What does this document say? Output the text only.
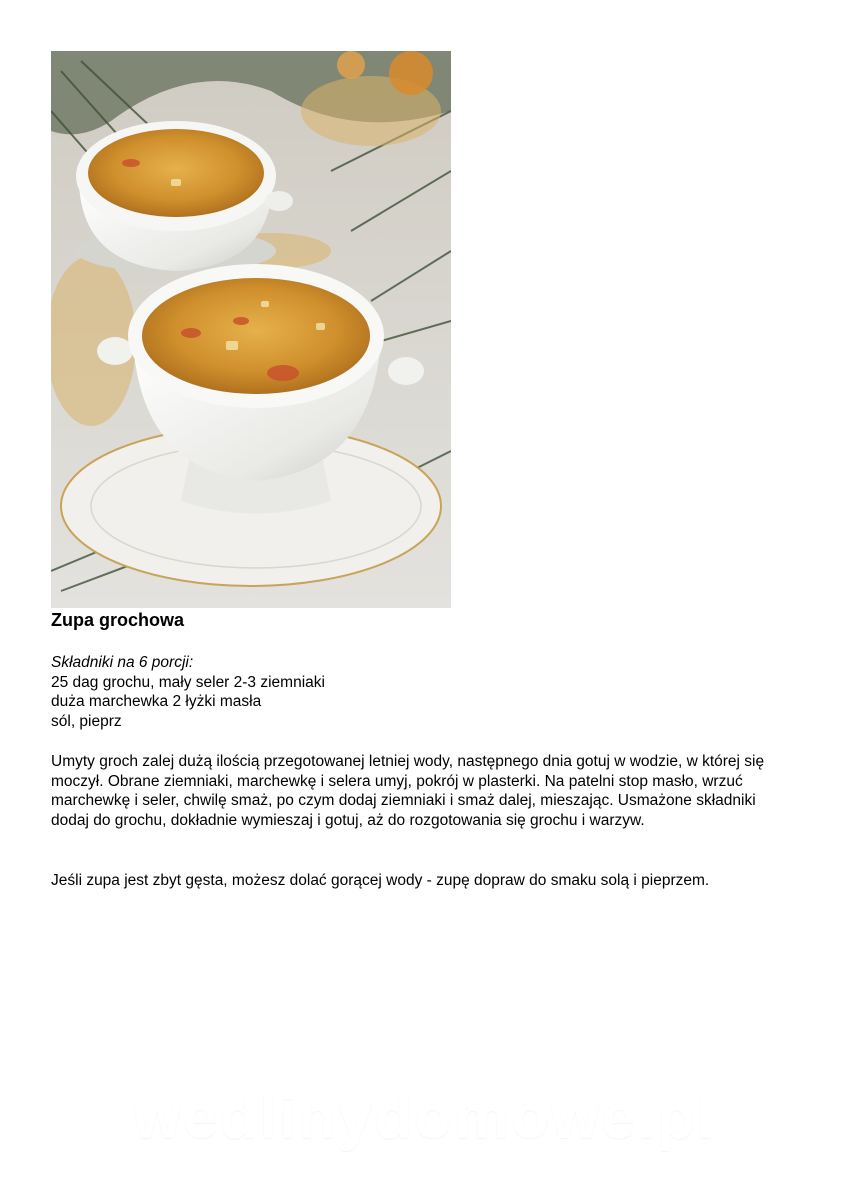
Zupa grochowa
Składniki na 6 porcji:
25 dag grochu, mały seler 2-3 ziemniaki
duża marchewka 2 łyżki masła
sól, pieprz

Umyty groch zalej dużą ilością przegotowanej letniej wody, następnego dnia gotuj w wodzie, w której się moczył. Obrane ziemniaki, marchewkę i selera umyj, pokrój w plasterki. Na patelni stop masło, wrzuć marchewkę i seler, chwilę smaż, po czym dodaj ziemniaki i smaż dalej, mieszając. Usmażone składniki dodaj do grochu, dokładnie wymieszaj i gotuj, aż do rozgotowania się grochu i warzyw.

Jeśli zupa jest zbyt gęsta, możesz dolać gorącej wody - zupę dopraw do smaku solą i pieprzem.

wedlinydomowe.pl
